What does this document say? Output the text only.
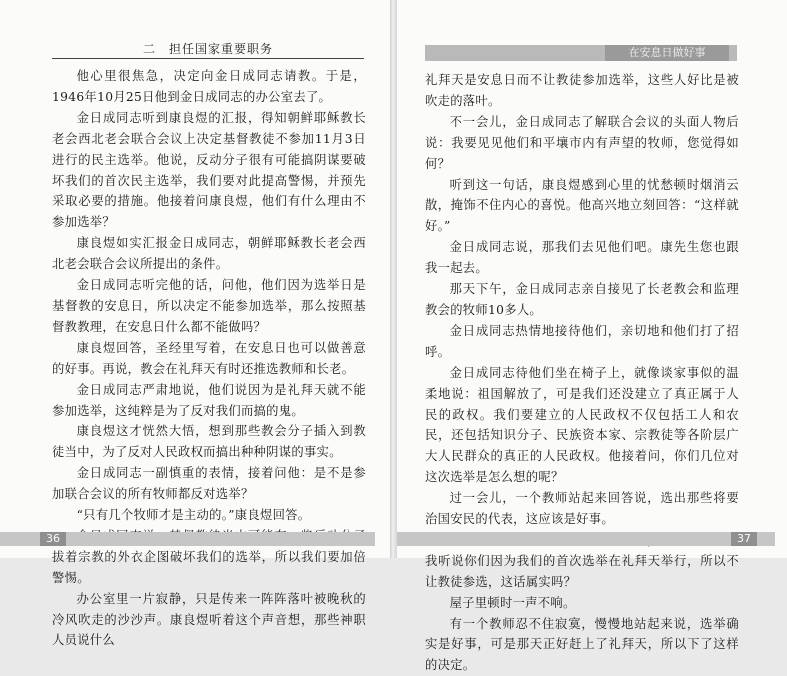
二　担任国家重要职务

他心里很焦急，决定向金日成同志请教。于是，1946年10月25日他到金日成同志的办公室去了。

金日成同志听到康良煜的汇报，得知朝鲜耶稣教长老会西北老会联合会议上决定基督教徒不参加11月3日进行的民主选举。他说，反动分子很有可能搞阴谋要破坏我们的首次民主选举，我们要对此提高警惕，并预先采取必要的措施。他接着问康良煜，他们有什么理由不参加选举？

康良煜如实汇报金日成同志，朝鲜耶稣教长老会西北老会联合会议所提出的条件。

金日成同志听完他的话，问他，他们因为选举日是基督教的安息日，所以决定不能参加选举，那么按照基督教教理，在安息日什么都不能做吗？

康良煜回答，圣经里写着，在安息日也可以做善意的好事。再说，教会在礼拜天有时还推选教师和长老。

金日成同志严肃地说，他们说因为是礼拜天就不能参加选举，这纯粹是为了反对我们而搞的鬼。

康良煜这才恍然大悟，想到那些教会分子插入到教徒当中，为了反对人民政权而搞出种种阴谋的事实。

金日成同志一副慎重的表情，接着问他：是不是参加联合会议的所有牧师都反对选举？

“只有几个牧师才是主动的。”康良煜回答。

拔着宗教的外衣企图破坏我们的选举，所以我们要加倍警惕。

办公室里一片寂静，只是传来一阵阵落叶被晚秋的冷风吹走的沙沙声。康良煜听着这个声音想，那些神职人员说什么

36
在安息日做好事

礼拜天是安息日而不让教徒参加选举，这些人好比是被吹走的落叶。

不一会儿，金日成同志了解联合会议的头面人物后说：我要见见他们和平壤市内有声望的牧师，您觉得如何？

听到这一句话，康良煜感到心里的忧愁顿时烟消云散，掩饰不住内心的喜悦。他高兴地立刻回答：“这样就好。”

金日成同志说，那我们去见他们吧。康先生您也跟我一起去。

那天下午，金日成同志亲自接见了长老教会和监理教会的牧师10多人。

金日成同志热情地接待他们，亲切地和他们打了招呼。

金日成同志待他们坐在椅子上，就像谈家事似的温柔地说：祖国解放了，可是我们还没建立了真正属于人民的政权。我们要建立的人民政权不仅包括工人和农民，还包括知识分子、民族资本家、宗教徒等各阶层广大人民群众的真正的人民政权。他接着问，你们几位对这次选举是怎么想的呢？

过一会儿，一个教师站起来回答说，选出那些将要治国安民的代表，这应该是好事。

我听说你们因为我们的首次选举在礼拜天举行，所以不让教徒参选，这话属实吗？

屋子里顿时一声不响。

有一个教师忍不住寂寞，慢慢地站起来说，选举确实是好事，可是那天正好赶上了礼拜天，所以下了这样的决定。

37
